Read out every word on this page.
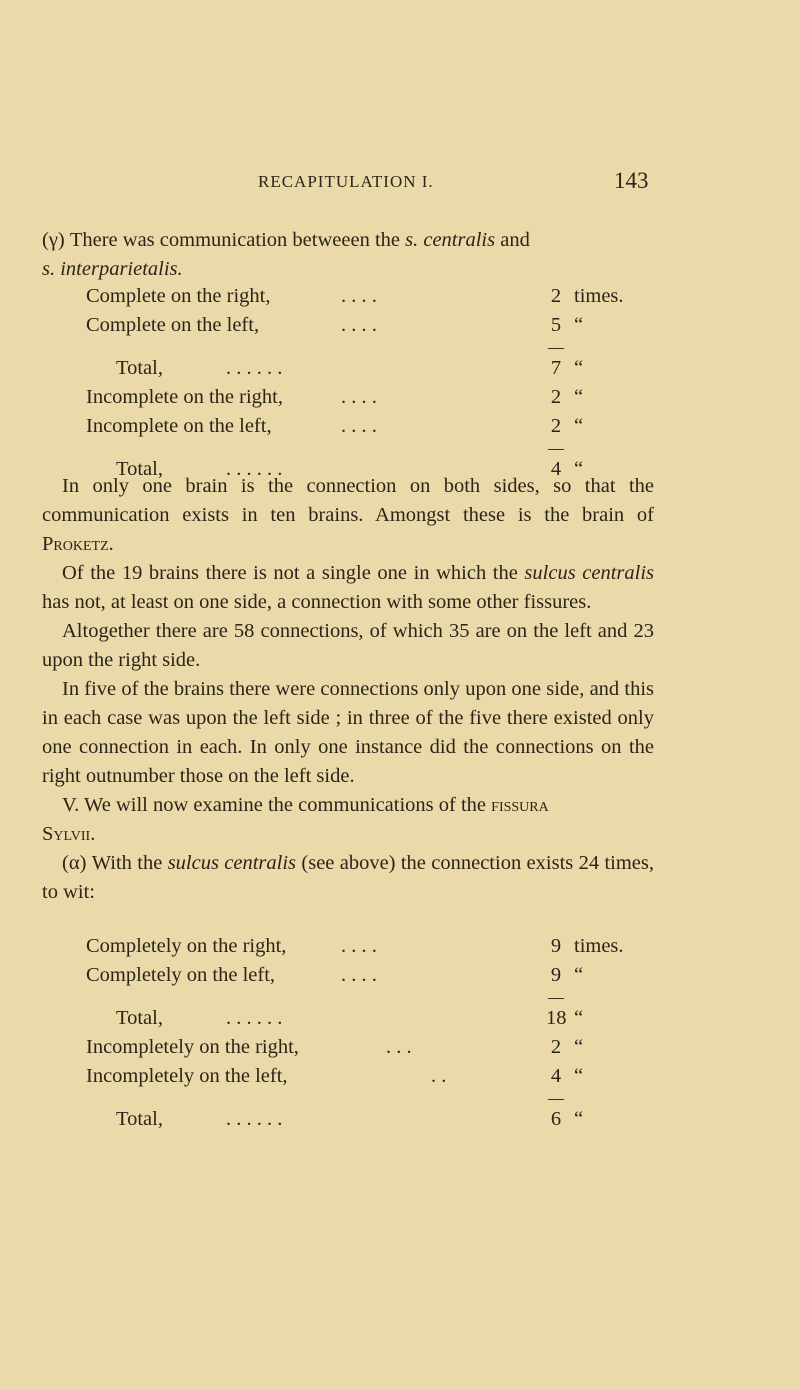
RECAPITULATION I.	143

(γ) There was communication betweeen the s. centralis and
s. interparietalis.

Complete on the right,	. . . .	2 times.
Complete on the left,	. . . .	5 “
Total,	. . . . . .	7 “
Incomplete on the right,	. . . .	2 “
Incomplete on the left,	. . . .	2 “
Total,	. . . . . .	4 “

In only one brain is the connection on both sides, so that the communication exists in ten brains. Amongst these is the brain of Proketz.

Of the 19 brains there is not a single one in which the sulcus centralis has not, at least on one side, a connection with some other fissures.

Altogether there are 58 connections, of which 35 are on the left and 23 upon the right side.

In five of the brains there were connections only upon one side, and this in each case was upon the left side ; in three of the five there existed only one connection in each. In only one instance did the connections on the right outnumber those on the left side.

V. We will now examine the communications of the fissura
Sylvii.

(α) With the sulcus centralis (see above) the connection exists 24 times, to wit:

Completely on the right,	. . . .	9 times.
Completely on the left,	. . . .	9 “
Total,	. . . . . .	18 “
Incompletely on the right,	. . .	2 “
Incompletely on the left,	. .	4 “
Total,	. . . . . .	6 “
